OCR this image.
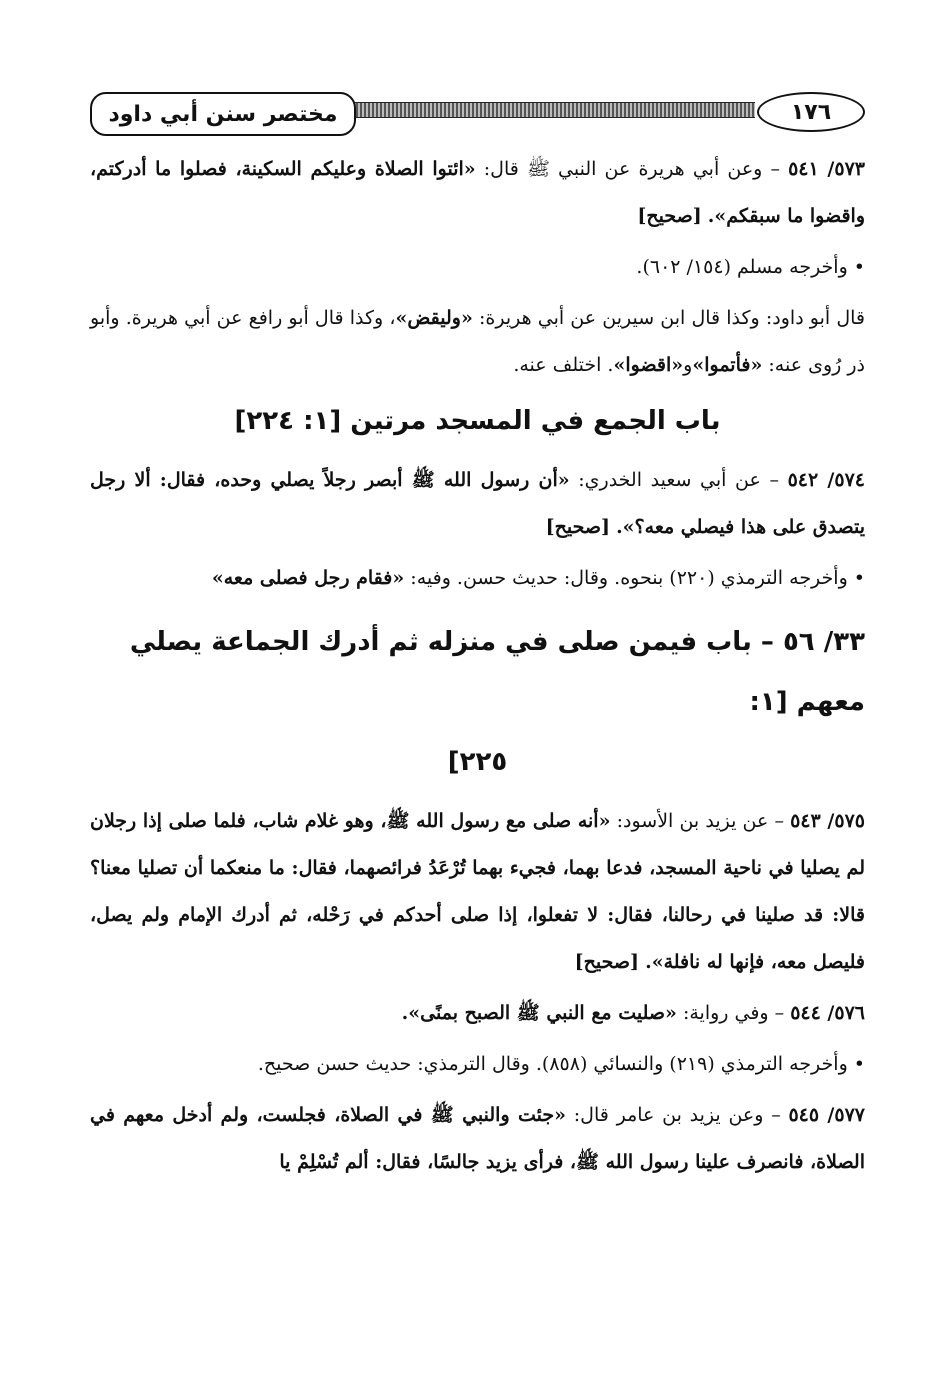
مختصر سنن أبي داود	١٧٦

٥٧٣/ ٥٤١ – وعن أبي هريرة عن النبي ﷺ قال: «ائتوا الصلاة وعليكم السكينة، فصلوا ما أدركتم، واقضوا ما سبقكم». [صحيح]

• وأخرجه مسلم (١٥٤/ ٦٠٢).

قال أبو داود: وكذا قال ابن سيرين عن أبي هريرة: «وليقض»، وكذا قال أبو رافع عن أبي هريرة. وأبو ذر رُوى عنه: «فأتموا»و«اقضوا». اختلف عنه.

باب الجمع في المسجد مرتين [١: ٢٢٤]

٥٧٤/ ٥٤٢ – عن أبي سعيد الخدري: «أن رسول الله ﷺ أبصر رجلاً يصلي وحده، فقال: ألا رجل يتصدق على هذا فيصلي معه؟». [صحيح]

• وأخرجه الترمذي (٢٢٠) بنحوه. وقال: حديث حسن. وفيه: «فقام رجل فصلى معه»

٣٣/ ٥٦ – باب فيمن صلى في منزله ثم أدرك الجماعة يصلي معهم [١:
٢٢٥]

٥٧٥/ ٥٤٣ – عن يزيد بن الأسود: «أنه صلى مع رسول الله ﷺ، وهو غلام شاب، فلما صلى إذا رجلان لم يصليا في ناحية المسجد، فدعا بهما، فجيء بهما تُرْعَدُ فرائصهما، فقال: ما منعكما أن تصليا معنا؟ قالا: قد صلينا في رحالنا، فقال: لا تفعلوا، إذا صلى أحدكم في رَحْله، ثم أدرك الإمام ولم يصل، فليصل معه، فإنها له نافلة». [صحيح]

٥٧٦/ ٥٤٤ – وفي رواية: «صليت مع النبي ﷺ الصبح بمنًى».

• وأخرجه الترمذي (٢١٩) والنسائي (٨٥٨). وقال الترمذي: حديث حسن صحيح.

٥٧٧/ ٥٤٥ – وعن يزيد بن عامر قال: «جئت والنبي ﷺ في الصلاة، فجلست، ولم أدخل معهم في الصلاة، فانصرف علينا رسول الله ﷺ، فرأى يزيد جالسًا، فقال: ألم تُسْلِمْ يا
